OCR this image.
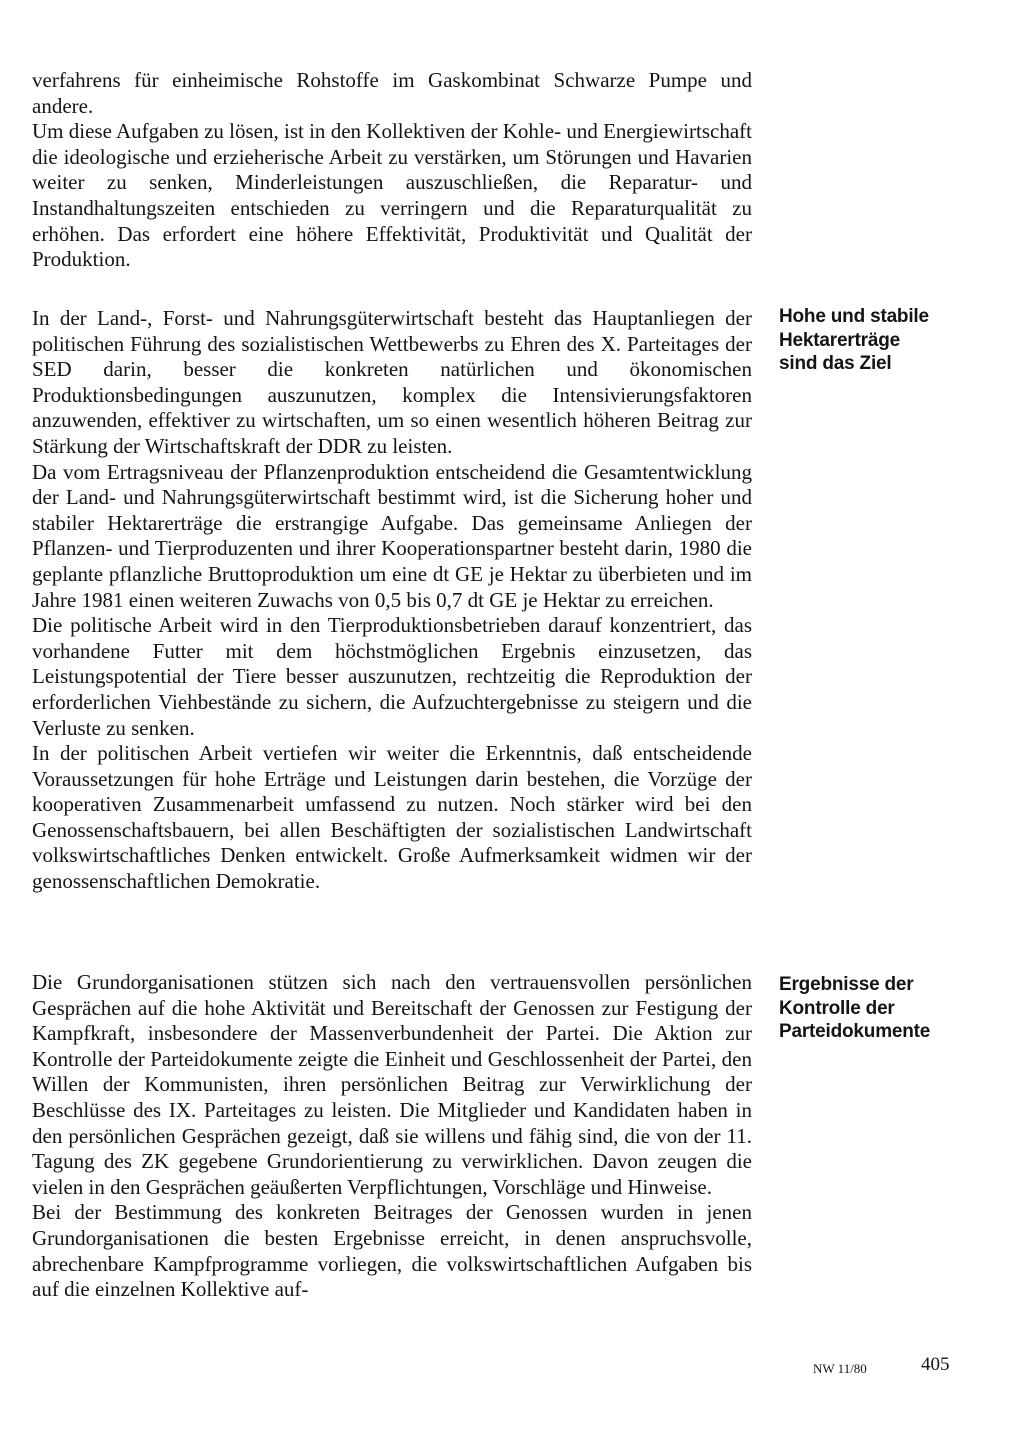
verfahrens für einheimische Rohstoffe im Gaskombinat Schwarze Pumpe und andere.

Um diese Aufgaben zu lösen, ist in den Kollektiven der Kohle- und Energiewirtschaft die ideologische und erzieherische Arbeit zu verstärken, um Störungen und Havarien weiter zu senken, Minderleistungen auszuschließen, die Reparatur- und Instandhaltungszeiten entschieden zu verringern und die Reparaturqualität zu erhöhen. Das erfordert eine höhere Effektivität, Produktivität und Qualität der Produktion.

In der Land-, Forst- und Nahrungsgüterwirtschaft besteht das Hauptanliegen der politischen Führung des sozialistischen Wettbewerbs zu Ehren des X. Parteitages der SED darin, besser die konkreten natürlichen und ökonomischen Produktionsbedingungen auszunutzen, komplex die Intensivierungsfaktoren anzuwenden, effektiver zu wirtschaften, um so einen wesentlich höheren Beitrag zur Stärkung der Wirtschaftskraft der DDR zu leisten.

Da vom Ertragsniveau der Pflanzenproduktion entscheidend die Gesamtentwicklung der Land- und Nahrungsgüterwirtschaft bestimmt wird, ist die Sicherung hoher und stabiler Hektarerträge die erstrangige Aufgabe. Das gemeinsame Anliegen der Pflanzen- und Tierproduzenten und ihrer Kooperationspartner besteht darin, 1980 die geplante pflanzliche Bruttoproduktion um eine dt GE je Hektar zu überbieten und im Jahre 1981 einen weiteren Zuwachs von 0,5 bis 0,7 dt GE je Hektar zu erreichen.

Die politische Arbeit wird in den Tierproduktionsbetrieben darauf konzentriert, das vorhandene Futter mit dem höchstmöglichen Ergebnis einzusetzen, das Leistungspotential der Tiere besser auszunutzen, rechtzeitig die Reproduktion der erforderlichen Viehbestände zu sichern, die Aufzuchtergebnisse zu steigern und die Verluste zu senken.

In der politischen Arbeit vertiefen wir weiter die Erkenntnis, daß entscheidende Voraussetzungen für hohe Erträge und Leistungen darin bestehen, die Vorzüge der kooperativen Zusammenarbeit umfassend zu nutzen. Noch stärker wird bei den Genossenschaftsbauern, bei allen Beschäftigten der sozialistischen Landwirtschaft volkswirtschaftliches Denken entwickelt. Große Aufmerksamkeit widmen wir der genossenschaftlichen Demokratie.

Die Grundorganisationen stützen sich nach den vertrauensvollen persönlichen Gesprächen auf die hohe Aktivität und Bereitschaft der Genossen zur Festigung der Kampfkraft, insbesondere der Massenverbundenheit der Partei. Die Aktion zur Kontrolle der Parteidokumente zeigte die Einheit und Geschlossenheit der Partei, den Willen der Kommunisten, ihren persönlichen Beitrag zur Verwirklichung der Beschlüsse des IX. Parteitages zu leisten. Die Mitglieder und Kandidaten haben in den persönlichen Gesprächen gezeigt, daß sie willens und fähig sind, die von der 11. Tagung des ZK gegebene Grundorientierung zu verwirklichen. Davon zeugen die vielen in den Gesprächen geäußerten Verpflichtungen, Vorschläge und Hinweise.

Bei der Bestimmung des konkreten Beitrages der Genossen wurden in jenen Grundorganisationen die besten Ergebnisse erreicht, in denen anspruchsvolle, abrechenbare Kampfprogramme vorliegen, die volkswirtschaftlichen Aufgaben bis auf die einzelnen Kollektive auf-

Hohe und stabile
Hektarerträge
sind das Ziel
Ergebnisse der
Kontrolle der
Parteidokumente

NW 11/80	405
